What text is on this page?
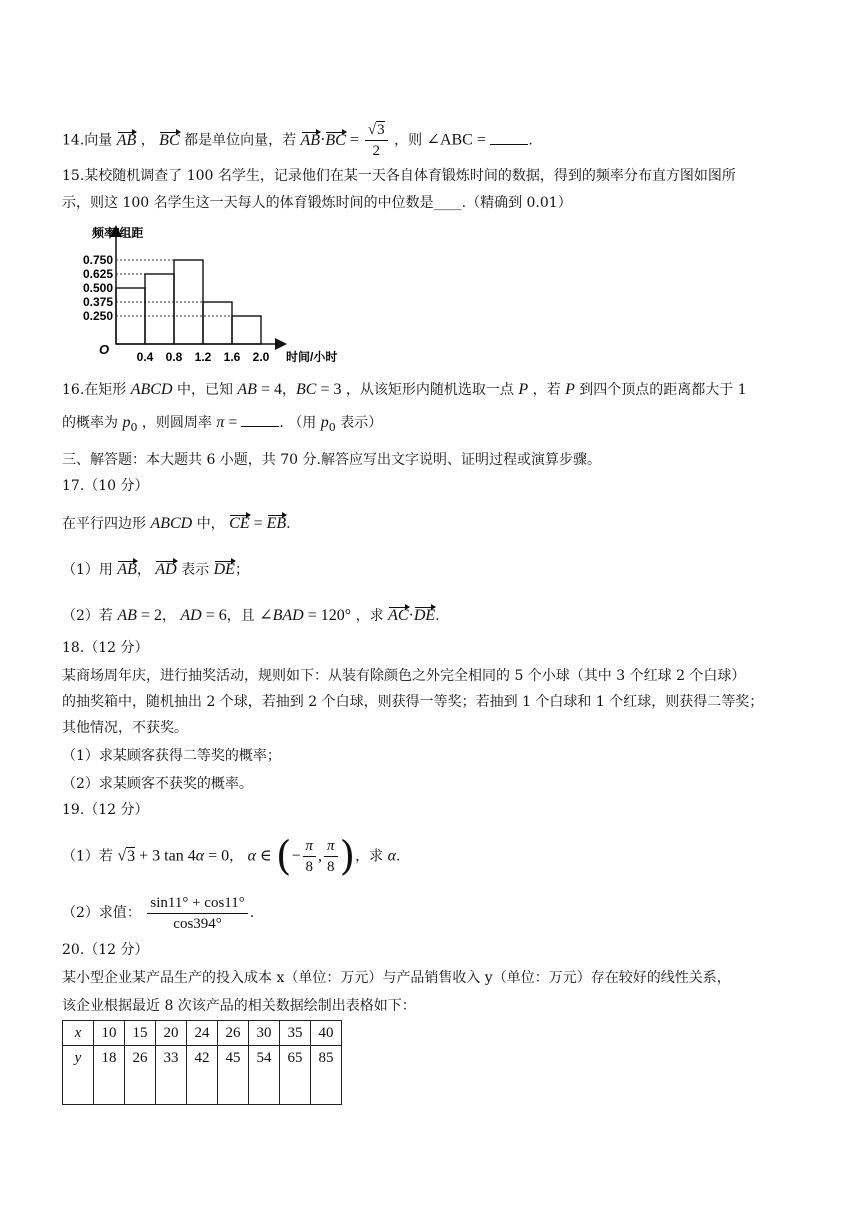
14.向量 AB ， BC 都是单位向量，若 $AB\cdot BC = \frac{√3}{2}$ ，则 ∠ABC =	.
15.某校随机调查了 100 名学生，记录他们在某一天各自体育锻炼时间的数据，得到的频率分布直方图如图所
示，则这 100 名学生这一天每人的体育锻炼时间的中位数是____.（精确到 0.01）
频率/组距
时间/小时
O
0.750
0.625
0.500
0.375
0.250
0.4 0.8 1.2 1.6 2.0
16.在矩形 ABCD 中，已知 AB = 4，BC = 3 ，从该矩形内随机选取一点 P ，若 P 到四个顶点的距离都大于 1
的概率为 $p_0$ ，则圆周率 π =	. （用 $p_0$ 表示）
三、解答题：本大题共 6 小题，共 70 分.解答应写出文字说明、证明过程或演算步骤。
17.（10 分）
在平行四边形 ABCD 中， CE = EB.
（1）用 AB， AD 表示 DE；
（2）若 AB = 2， AD = 6，且 ∠BAD = 120° ，求 AC·DE.
18.（12 分）
某商场周年庆，进行抽奖活动，规则如下：从装有除颜色之外完全相同的 5 个小球（其中 3 个红球 2 个白球）
的抽奖箱中，随机抽出 2 个球，若抽到 2 个白球，则获得一等奖；若抽到 1 个白球和 1 个红球，则获得二等奖；
其他情况，不获奖。
（1）求某顾客获得二等奖的概率；
（2）求某顾客不获奖的概率。
19.（12 分）
（1）若 √3 + 3 tan 4α = 0， α ∈ (− $\frac{\pi}{8}$ , $\frac{\pi}{8}$ )，求 α.
（2）求值： $\frac{\sin 11^\circ + \cos 11^\circ}{\cos 394^\circ}$ .
20.（12 分）
某小型企业某产品生产的投入成本 x（单位：万元）与产品销售收入 y（单位：万元）存在较好的线性关系，
该企业根据最近 8 次该产品的相关数据绘制出表格如下：
x	10	15	20	24	26	30	35	40
y	18	26	33	42	45	54	65	85
